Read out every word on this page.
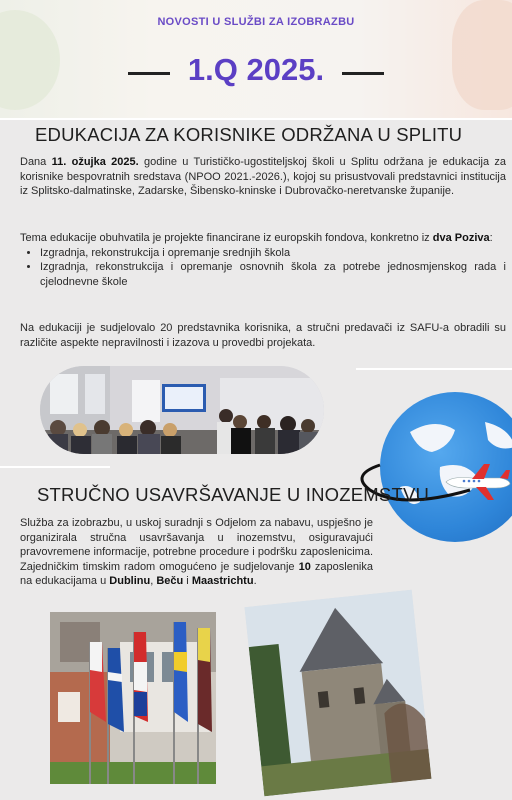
NOVOSTI U SLUŽBI ZA IZOBRAZBU
1.Q 2025.
EDUKACIJA ZA KORISNIKE ODRŽANA U SPLITU
Dana 11. ožujka 2025. godine u Turističko-ugostiteljskoj školi u Splitu održana je edukacija za korisnike bespovratnih sredstava (NPOO 2021.-2026.), kojoj su prisustvovali predstavnici institucija iz Splitsko-dalmatinske, Zadarske, Šibensko-kninske i Dubrovačko-neretvanske županije.

Tema edukacije obuhvatila je projekte financirane iz europskih fondova, konkretno iz dva Poziva:

• Izgradnja, rekonstrukcija i opremanje srednjih škola
• Izgradnja, rekonstrukcija i opremanje osnovnih škola za potrebe jednosmjenskog rada i cjelodnevne škole
Na edukaciji je sudjelovalo 20 predstavnika korisnika, a stručni predavači iz SAFU-a obradili su različite aspekte nepravilnosti i izazova u provedbi projekata.
STRUČNO USAVRŠAVANJE U INOZEMSTVU
Služba za izobrazbu, u uskoj suradnji s Odjelom za nabavu, uspješno je organizirala stručna usavršavanja u inozemstvu, osiguravajući pravovremene informacije, potrebne procedure i podršku zaposlenicima. Zajedničkim timskim radom omogućeno je sudjelovanje 10 zaposlenika na edukacijama u Dublinu, Beču i Maastrichtu.
